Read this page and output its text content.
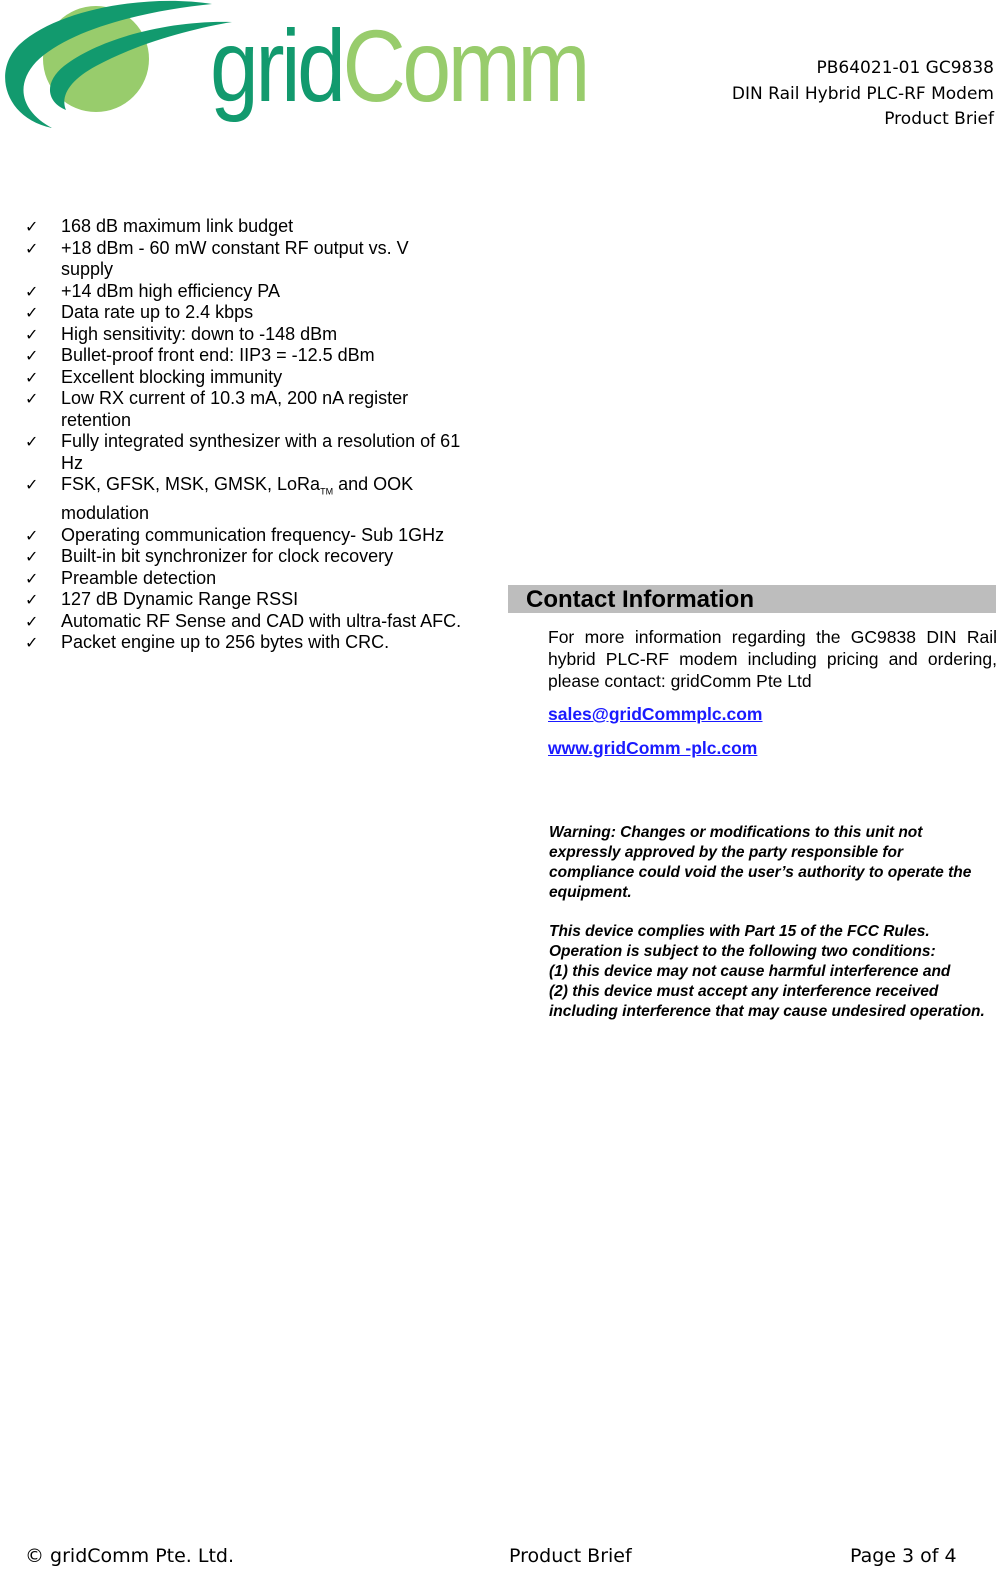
gridComm	PB64021-01 GC9838
DIN Rail Hybrid PLC-RF Modem
Product Brief
✓ 168 dB maximum link budget
✓ +18 dBm - 60 mW constant RF output vs. V supply
✓ +14 dBm high efficiency PA
✓ Data rate up to 2.4 kbps
✓ High sensitivity: down to -148 dBm
✓ Bullet-proof front end: IIP3 = -12.5 dBm
✓ Excellent blocking immunity
✓ Low RX current of 10.3 mA, 200 nA register retention
✓ Fully integrated synthesizer with a resolution of 61 Hz
✓ FSK, GFSK, MSK, GMSK, LoRa$_{TM}$ and OOK modulation
✓ Operating communication frequency- Sub 1GHz
✓ Built-in bit synchronizer for clock recovery
✓ Preamble detection
✓ 127 dB Dynamic Range RSSI
✓ Automatic RF Sense and CAD with ultra-fast AFC.
✓ Packet engine up to 256 bytes with CRC.
Contact Information

For more information regarding the GC9838 DIN Rail hybrid PLC-RF modem including pricing and ordering, please contact: gridComm Pte Ltd

sales@gridCommplc.com
www.gridComm -plc.com

Warning: Changes or modifications to this unit not expressly approved by the party responsible for compliance could void the user’s authority to operate the equipment.

This device complies with Part 15 of the FCC Rules.
Operation is subject to the following two conditions:
(1) this device may not cause harmful interference and
(2) this device must accept any interference received including interference that may cause undesired operation.
© gridComm Pte. Ltd.	Product Brief	Page 3 of 4
